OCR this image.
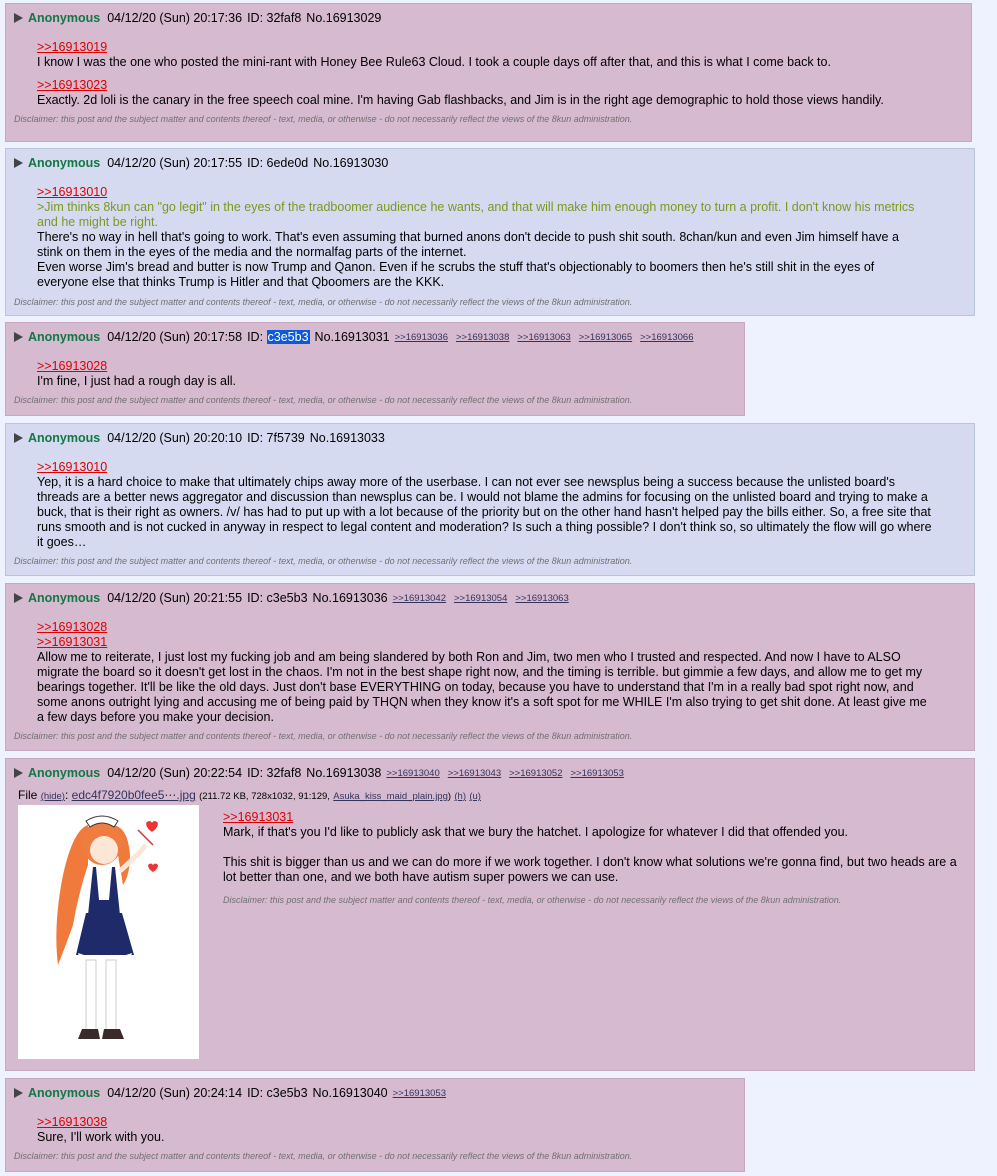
Anonymous 04/12/20 (Sun) 20:17:36 ID:
32faf8 No.16913029
>>16913019
I know I was the one who posted the mini-rant with Honey Bee Rule63 Cloud. I took a couple days off after that, and this is what I come back to.
>>16913023
Exactly. 2d loli is the canary in the free speech coal mine. I'm having Gab flashbacks, and Jim is in the right age demographic to hold those views handily.
Disclaimer: this post and the subject matter and contents thereof - text, media, or otherwise - do not necessarily reflect the views of the 8kun administration.
Anonymous 04/12/20 (Sun) 20:17:55 ID:
6ede0d No.16913030
>>16913010
>Jim thinks 8kun can "go legit" in the eyes of the tradboomer audience he wants, and that will make him enough money to turn a profit. I don't know his metrics and he might be right.
There's no way in hell that's going to work. That's even assuming that burned anons don't decide to push shit south. 8chan/kun and even Jim himself have a stink on them in the eyes of the media and the normalfag parts of the internet.
Even worse Jim's bread and butter is now Trump and Qanon. Even if he scrubs the stuff that's objectionably to boomers then he's still shit in the eyes of everyone else that thinks Trump is Hitler and that Qboomers are the KKK.
Disclaimer: this post and the subject matter and contents thereof - text, media, or otherwise - do not necessarily reflect the views of the 8kun administration.
Anonymous 04/12/20 (Sun) 20:17:58 ID:
c3e5b3 No.16913031 >>16913036 >>16913038 >>16913063 >>16913065 >>16913066
>>16913028
I'm fine, I just had a rough day is all.
Disclaimer: this post and the subject matter and contents thereof - text, media, or otherwise - do not necessarily reflect the views of the 8kun administration.
Anonymous 04/12/20 (Sun) 20:20:10 ID:
7f5739 No.16913033
>>16913010
Yep, it is a hard choice to make that ultimately chips away more of the userbase. I can not ever see newsplus being a success because the unlisted board's threads are a better news aggregator and discussion than newsplus can be. I would not blame the admins for focusing on the unlisted board and trying to make a buck, that is their right as owners. /v/ has had to put up with a lot because of the priority but on the other hand hasn't helped pay the bills either. So, a free site that runs smooth and is not cucked in anyway in respect to legal content and moderation? Is such a thing possible? I don't think so, so ultimately the flow will go where it goes…
Disclaimer: this post and the subject matter and contents thereof - text, media, or otherwise - do not necessarily reflect the views of the 8kun administration.
Anonymous 04/12/20 (Sun) 20:21:55 ID:
c3e5b3 No.16913036 >>16913042 >>16913054 >>16913063
>>16913028
>>16913031
Allow me to reiterate, I just lost my fucking job and am being slandered by both Ron and Jim, two men who I trusted and respected. And now I have to ALSO migrate the board so it doesn't get lost in the chaos. I'm not in the best shape right now, and the timing is terrible. but gimmie a few days, and allow me to get my bearings together. It'll be like the old days. Just don't base EVERYTHING on today, because you have to understand that I'm in a really bad spot right now, and some anons outright lying and accusing me of being paid by THQN when they know it's a soft spot for me WHILE I'm also trying to get shit done. At least give me a few days before you make your decision.
Disclaimer: this post and the subject matter and contents thereof - text, media, or otherwise - do not necessarily reflect the views of the 8kun administration.
Anonymous 04/12/20 (Sun) 20:22:54 ID:
32faf8 No.16913038 >>16913040 >>16913043 >>16913052 >>16913053
File (hide): edc4f7920b0fee5⋯.jpg (211.72 KB, 728x1032, 91:129, Asuka_kiss_maid_plain.jpg) (h) (u)
>>16913031
Mark, if that's you I'd like to publicly ask that we bury the hatchet. I apologize for whatever I did that offended you.
This shit is bigger than us and we can do more if we work together. I don't know what solutions we're gonna find, but two heads are a lot better than one, and we both have autism super powers we can use.
Disclaimer: this post and the subject matter and contents thereof - text, media, or otherwise - do not necessarily reflect the views of the 8kun administration.
Anonymous 04/12/20 (Sun) 20:24:14 ID:
c3e5b3 No.16913040 >>16913053
>>16913038
Sure, I'll work with you.
Disclaimer: this post and the subject matter and contents thereof - text, media, or otherwise - do not necessarily reflect the views of the 8kun administration.
